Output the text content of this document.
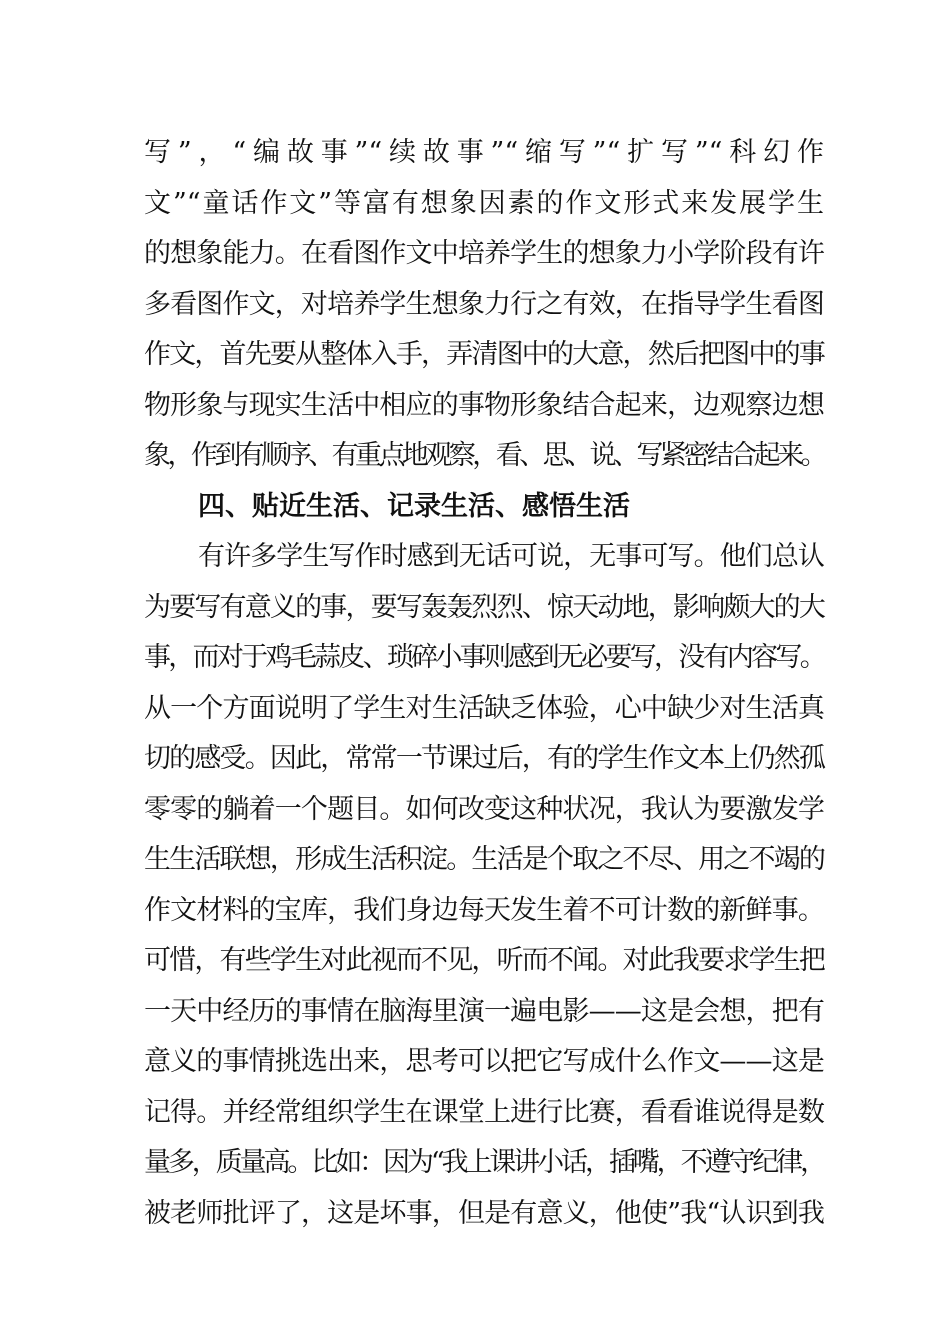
写”，“编故事”“续故事”“缩写”“扩写”“科幻作
文”“童话作文”等富有想象因素的作文形式来发展学生
的想象能力。在看图作文中培养学生的想象力小学阶段有许
多看图作文，对培养学生想象力行之有效，在指导学生看图
作文，首先要从整体入手，弄清图中的大意，然后把图中的事
物形象与现实生活中相应的事物形象结合起来，边观察边想
象，作到有顺序、有重点地观察，看、思、说、写紧密结合起来。
四、贴近生活、记录生活、感悟生活
有许多学生写作时感到无话可说，无事可写。他们总认
为要写有意义的事，要写轰轰烈烈、惊天动地，影响颇大的大
事，而对于鸡毛蒜皮、琐碎小事则感到无必要写，没有内容写。
从一个方面说明了学生对生活缺乏体验，心中缺少对生活真
切的感受。因此，常常一节课过后，有的学生作文本上仍然孤
零零的躺着一个题目。如何改变这种状况，我认为要激发学
生生活联想，形成生活积淀。生活是个取之不尽、用之不竭的
作文材料的宝库，我们身边每天发生着不可计数的新鲜事。
可惜，有些学生对此视而不见，听而不闻。对此我要求学生把
一天中经历的事情在脑海里演一遍电影——这是会想，把有
意义的事情挑选出来，思考可以把它写成什么作文——这是
记得。并经常组织学生在课堂上进行比赛，看看谁说得是数
量多，质量高。比如：因为“我上课讲小话，插嘴，不遵守纪律，
被老师批评了，这是坏事，但是有意义，他使”我“认识到我
